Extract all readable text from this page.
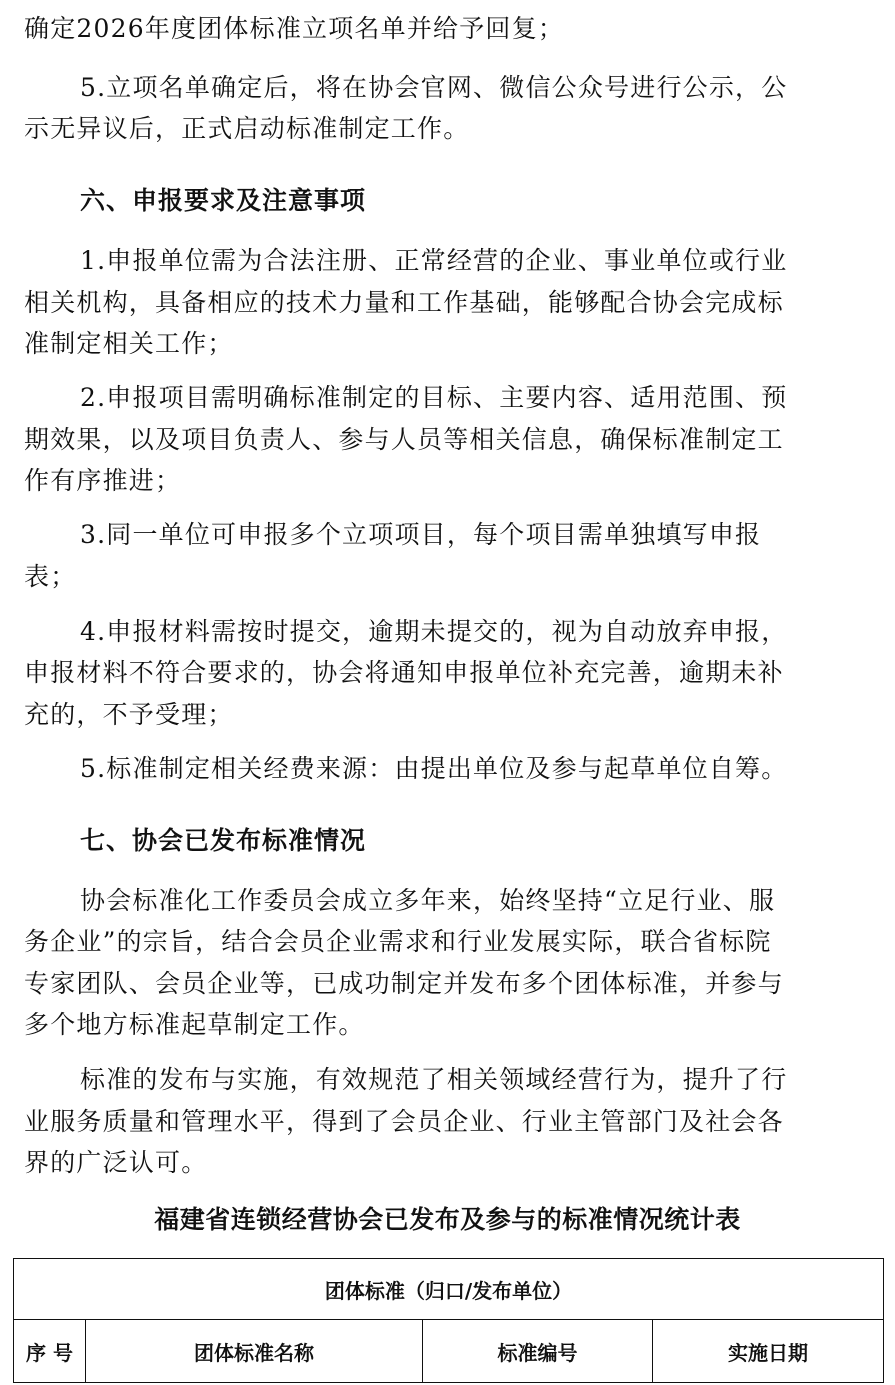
确定2026年度团体标准立项名单并给予回复；
5.立项名单确定后，将在协会官网、微信公众号进行公示，公
示无异议后，正式启动标准制定工作。
六、申报要求及注意事项
1.申报单位需为合法注册、正常经营的企业、事业单位或行业
相关机构，具备相应的技术力量和工作基础，能够配合协会完成标
准制定相关工作；
2.申报项目需明确标准制定的目标、主要内容、适用范围、预
期效果，以及项目负责人、参与人员等相关信息，确保标准制定工
作有序推进；
3.同一单位可申报多个立项项目，每个项目需单独填写申报
表；
4.申报材料需按时提交，逾期未提交的，视为自动放弃申报，
申报材料不符合要求的，协会将通知申报单位补充完善，逾期未补
充的，不予受理；
5.标准制定相关经费来源：由提出单位及参与起草单位自筹。
七、协会已发布标准情况
协会标准化工作委员会成立多年来，始终坚持“立足行业、服
务企业”的宗旨，结合会员企业需求和行业发展实际，联合省标院
专家团队、会员企业等，已成功制定并发布多个团体标准，并参与
多个地方标准起草制定工作。
标准的发布与实施，有效规范了相关领域经营行为，提升了行
业服务质量和管理水平，得到了会员企业、行业主管部门及社会各
界的广泛认可。
福建省连锁经营协会已发布及参与的标准情况统计表
团体标准（归口/发布单位）
序 号	团体标准名称	标准编号	实施日期
